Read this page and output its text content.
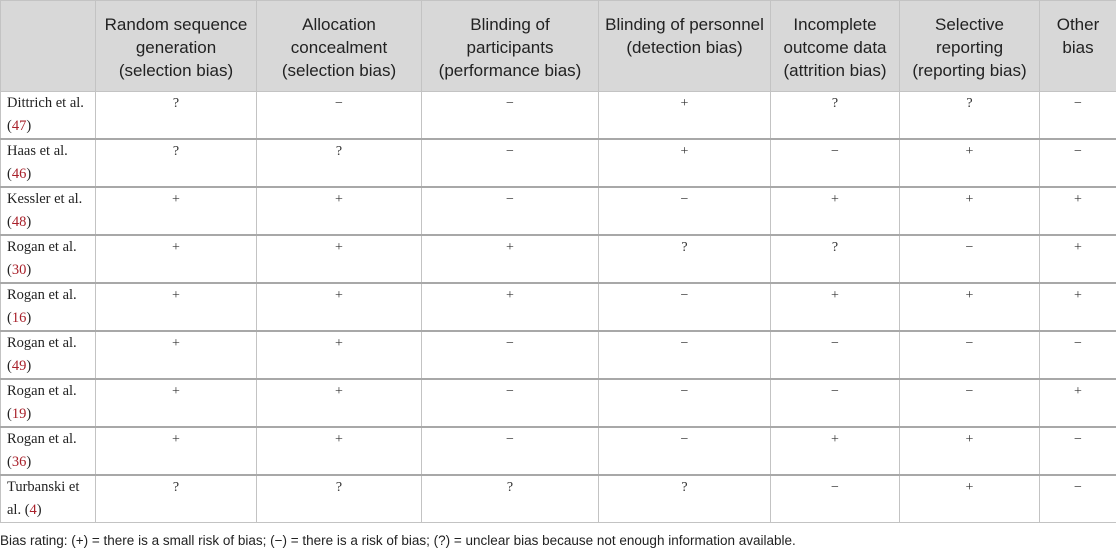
	Random sequence generation (selection bias)	Allocation concealment (selection bias)	Blinding of participants (performance bias)	Blinding of personnel (detection bias)	Incomplete outcome data (attrition bias)	Selective reporting (reporting bias)	Other bias
Dittrich et al. (47)	?	−	−	+	?	?	−
Haas et al. (46)	?	?	−	+	−	+	−
Kessler et al. (48)	+	+	−	−	+	+	+
Rogan et al. (30)	+	+	+	?	?	−	+
Rogan et al. (16)	+	+	+	−	+	+	+
Rogan et al. (49)	+	+	−	−	−	−	−
Rogan et al. (19)	+	+	−	−	−	−	+
Rogan et al. (36)	+	+	−	−	+	+	−
Turbanski et al. (4)	?	?	?	?	−	+	−
Bias rating: (+) = there is a small risk of bias; (−) = there is a risk of bias; (?) = unclear bias because not enough information available.
